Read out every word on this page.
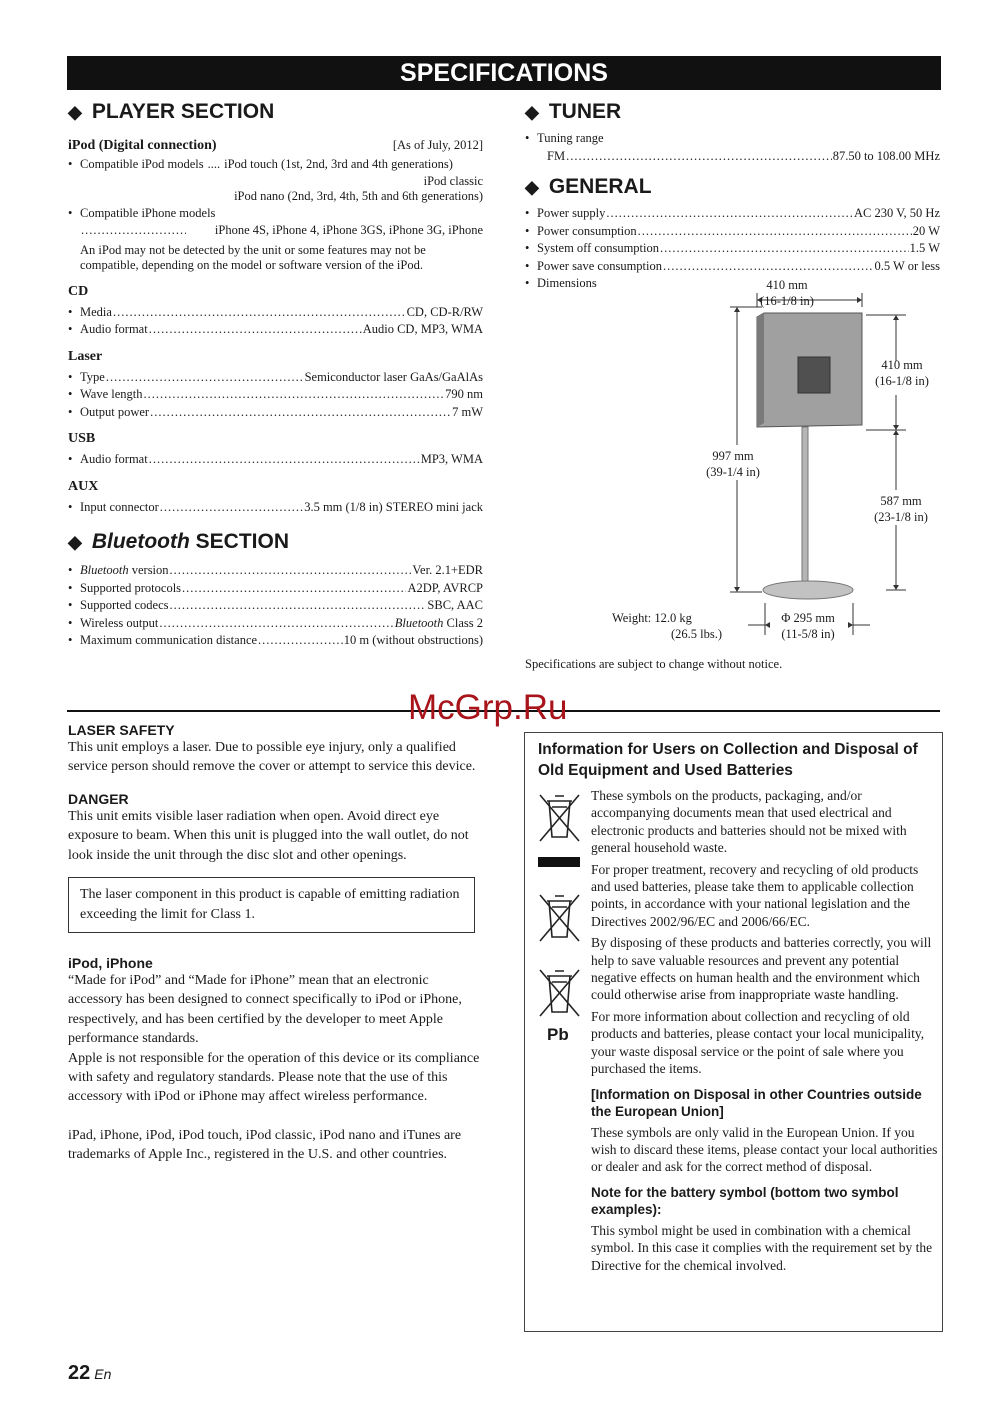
SPECIFICATIONS
◆ PLAYER SECTION
iPod (Digital connection)	[As of July, 2012]
• Compatible iPod models .... iPod touch (1st, 2nd, 3rd and 4th generations)
iPod classic
iPod nano (2nd, 3rd, 4th, 5th and 6th generations)
• Compatible iPhone models
.....
iPhone 4S, iPhone 4, iPhone 3GS, iPhone 3G, iPhone
An iPod may not be detected by the unit or some features may not be compatible, depending on the model or software version of the iPod.
CD
• Media .....	CD, CD-R/RW
• Audio format .....	Audio CD, MP3, WMA
Laser
• Type .....	Semiconductor laser GaAs/GaAlAs
• Wave length .....	790 nm
• Output power .....	7 mW
USB
• Audio format .....	MP3, WMA
AUX
• Input connector .....	3.5 mm (1/8 in) STEREO mini jack
◆ Bluetooth SECTION
• Bluetooth version .....	Ver. 2.1+EDR
• Supported protocols .....	A2DP, AVRCP
• Supported codecs .....	SBC, AAC
• Wireless output .....	Bluetooth Class 2
• Maximum communication distance .....	10 m (without obstructions)
◆ TUNER
• Tuning range
FM .....	87.50 to 108.00 MHz
◆ GENERAL
• Power supply .....	AC 230 V, 50 Hz
• Power consumption .....	20 W
• System off consumption .....	1.5 W
• Power save consumption .....	0.5 W or less
• Dimensions	410 mm
(16-1/8 in)
410 mm
(16-1/8 in)
997 mm
(39-1/4 in)
587 mm
(23-1/8 in)
Φ 295 mm
(11-5/8 in)
Weight: 12.0 kg
(26.5 lbs.)
Specifications are subject to change without notice.
McGrp.Ru
LASER SAFETY
This unit employs a laser. Due to possible eye injury, only a qualified service person should remove the cover or attempt to service this device.
DANGER
This unit emits visible laser radiation when open. Avoid direct eye exposure to beam. When this unit is plugged into the wall outlet, do not look inside the unit through the disc slot and other openings.
The laser component in this product is capable of emitting radiation exceeding the limit for Class 1.
iPod, iPhone
“Made for iPod” and “Made for iPhone” mean that an electronic accessory has been designed to connect specifically to iPod or iPhone, respectively, and has been certified by the developer to meet Apple performance standards.
Apple is not responsible for the operation of this device or its compliance with safety and regulatory standards. Please note that the use of this accessory with iPod or iPhone may affect wireless performance.
iPad, iPhone, iPod, iPod touch, iPod classic, iPod nano and iTunes are trademarks of Apple Inc., registered in the U.S. and other countries.
Information for Users on Collection and Disposal of Old Equipment and Used Batteries
Pb
These symbols on the products, packaging, and/or accompanying documents mean that used electrical and electronic products and batteries should not be mixed with general household waste.
For proper treatment, recovery and recycling of old products and used batteries, please take them to applicable collection points, in accordance with your national legislation and the Directives 2002/96/EC and 2006/66/EC.
By disposing of these products and batteries correctly, you will help to save valuable resources and prevent any potential negative effects on human health and the environment which could otherwise arise from inappropriate waste handling.
For more information about collection and recycling of old products and batteries, please contact your local municipality, your waste disposal service or the point of sale where you purchased the items.
[Information on Disposal in other Countries outside the European Union]
These symbols are only valid in the European Union. If you wish to discard these items, please contact your local authorities or dealer and ask for the correct method of disposal.
Note for the battery symbol (bottom two symbol examples):
This symbol might be used in combination with a chemical symbol. In this case it complies with the requirement set by the Directive for the chemical involved.
22 En
